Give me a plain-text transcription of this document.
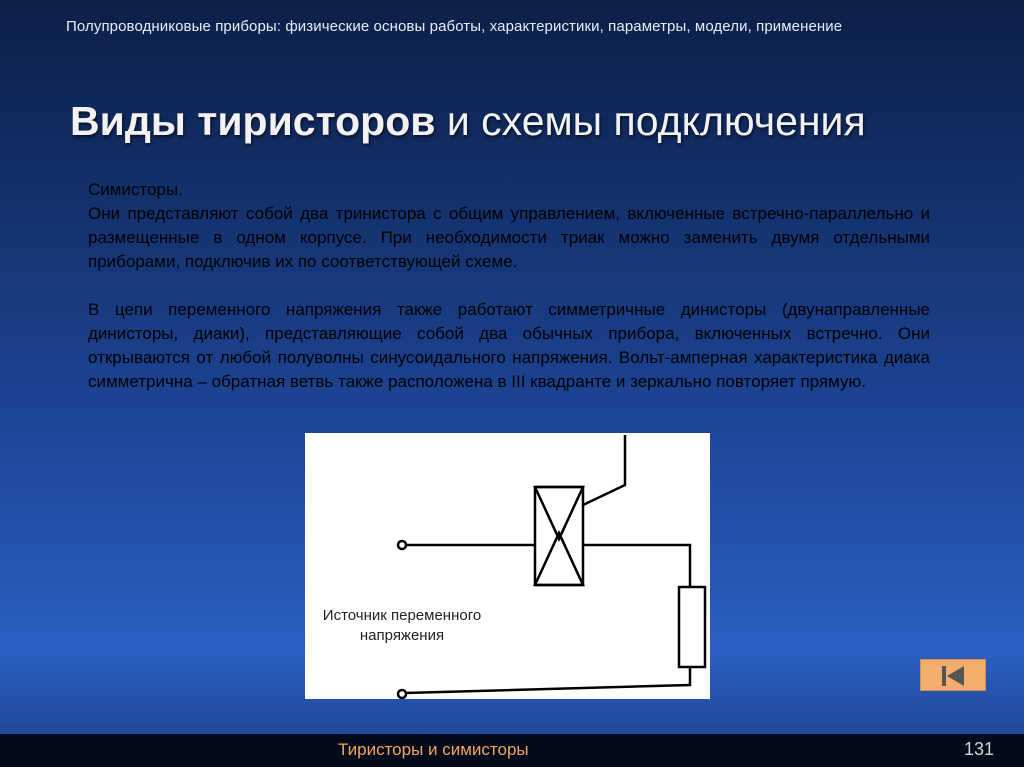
Полупроводниковые приборы: физические основы работы, характеристики, параметры, модели, применение
Виды тиристоров и схемы подключения

Симисторы.

Они представляют собой два тринистора с общим управлением, включенные встречно-параллельно и размещенные в одном корпусе. При необходимости триак можно заменить двумя отдельными приборами, подключив их по соответствующей схеме.

В цепи переменного напряжения также работают симметричные динисторы (двунаправленные динисторы, диаки), представляющие собой два обычных прибора, включенных встречно. Они открываются от любой полуволны синусоидального напряжения. Вольт-амперная характеристика диака симметрична – обратная ветвь также расположена в III квадранте и зеркально повторяет прямую.

Источник переменного
напряжения
Тиристоры и симисторы	131
